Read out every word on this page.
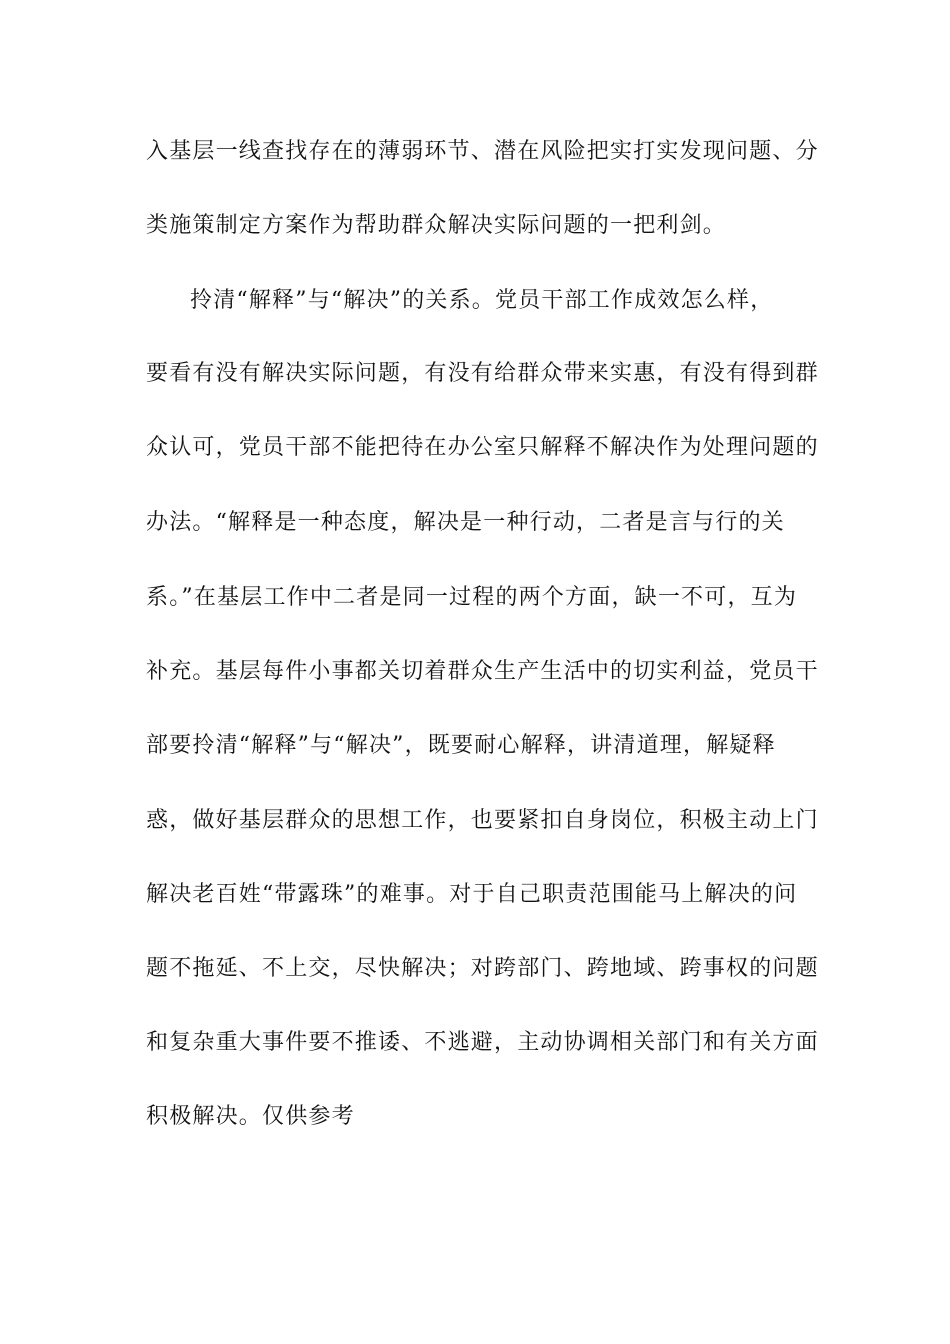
入基层一线查找存在的薄弱环节、潜在风险把实打实发现问题、分
类施策制定方案作为帮助群众解决实际问题的一把利剑。
拎清“解释”与“解决”的关系。党员干部工作成效怎么样，
要看有没有解决实际问题，有没有给群众带来实惠，有没有得到群
众认可，党员干部不能把待在办公室只解释不解决作为处理问题的
办法。“解释是一种态度，解决是一种行动，二者是言与行的关
系。”在基层工作中二者是同一过程的两个方面，缺一不可，互为
补充。基层每件小事都关切着群众生产生活中的切实利益，党员干
部要拎清“解释”与“解决”，既要耐心解释，讲清道理，解疑释
惑，做好基层群众的思想工作，也要紧扣自身岗位，积极主动上门
解决老百姓“带露珠”的难事。对于自己职责范围能马上解决的问
题不拖延、不上交，尽快解决；对跨部门、跨地域、跨事权的问题
和复杂重大事件要不推诿、不逃避，主动协调相关部门和有关方面
积极解决。仅供参考
